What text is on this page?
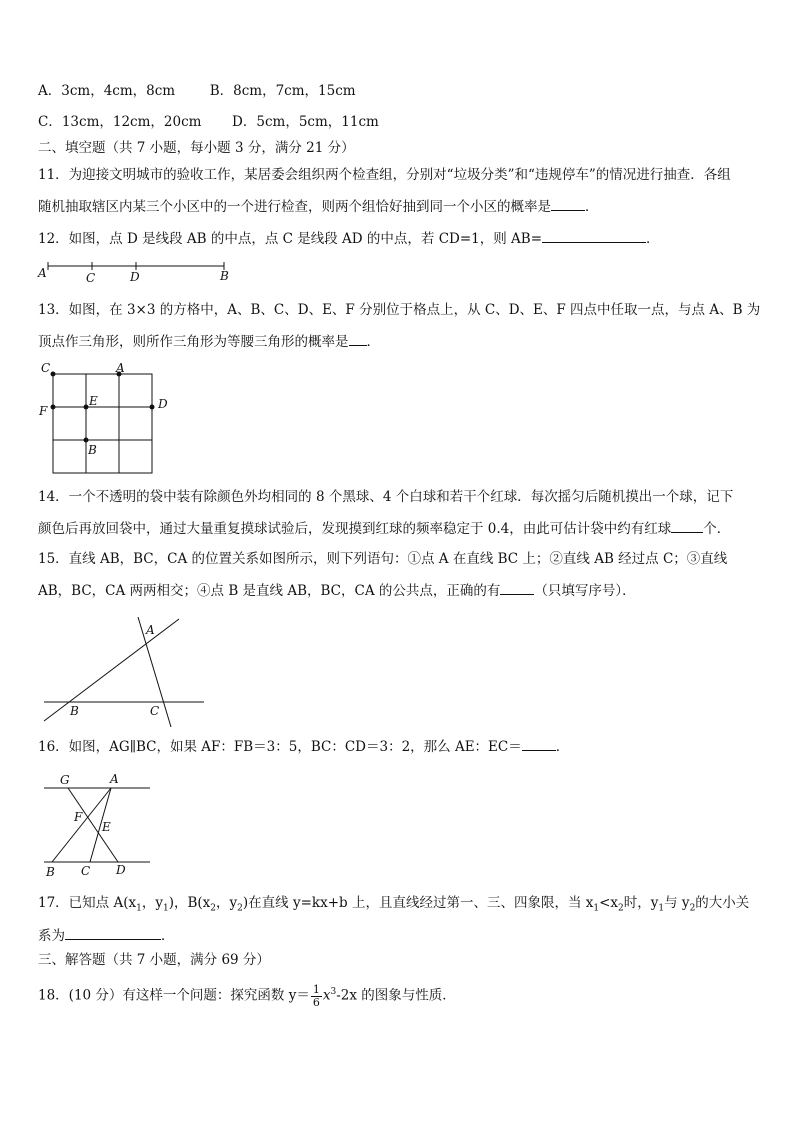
A．3cm，4cm，8cm	B．8cm，7cm，15cm
C．13cm，12cm，20cm D．5cm，5cm，11cm
二、填空题（共 7 小题，每小题 3 分，满分 21 分）
11．为迎接文明城市的验收工作，某居委会组织两个检查组，分别对“垃圾分类”和“违规停车”的情况进行抽查．各组
随机抽取辖区内某三个小区中的一个进行检查，则两个组恰好抽到同一个小区的概率是	．
12．如图，点 D 是线段 AB 的中点，点 C 是线段 AD 的中点，若 CD=1，则 AB=	．
A	C	D	B
13．如图，在 3×3 的方格中，A、B、C、D、E、F 分别位于格点上，从 C、D、E、F 四点中任取一点，与点 A、B 为
顶点作三角形，则所作三角形为等腰三角形的概率是 ．
C	A
F
E	D
B
14．一个不透明的袋中装有除颜色外均相同的 8 个黑球、4 个白球和若干个红球．每次摇匀后随机摸出一个球，记下
颜色后再放回袋中，通过大量重复摸球试验后，发现摸到红球的频率稳定于 0.4，由此可估计袋中约有红球 个．
15．直线 AB，BC，CA 的位置关系如图所示，则下列语句：①点 A 在直线 BC 上；②直线 AB 经过点 C；③直线
AB，BC，CA 两两相交；④点 B 是直线 AB，BC，CA 的公共点，正确的有	（只填写序号）．
A
B	C
16．如图，AG∥BC，如果 AF：FB＝3：5，BC：CD＝3：2，那么 AE：EC＝	．
G	A
F
E
B C D
17．已知点 $A(x_1$，$y_1$)，$B(x_2$，$y_2$)在直线 y=kx+b 上，且直线经过第一、三、四象限，当 $x_1<x_2$时，$y_1$与 $y_2$的大小关
系为	．
三、解答题（共 7 小题，满分 69 分）
18．(10 分）有这样一个问题：探究函数 $y= \frac{1}{6} x^3-2x$ 的图象与性质．
